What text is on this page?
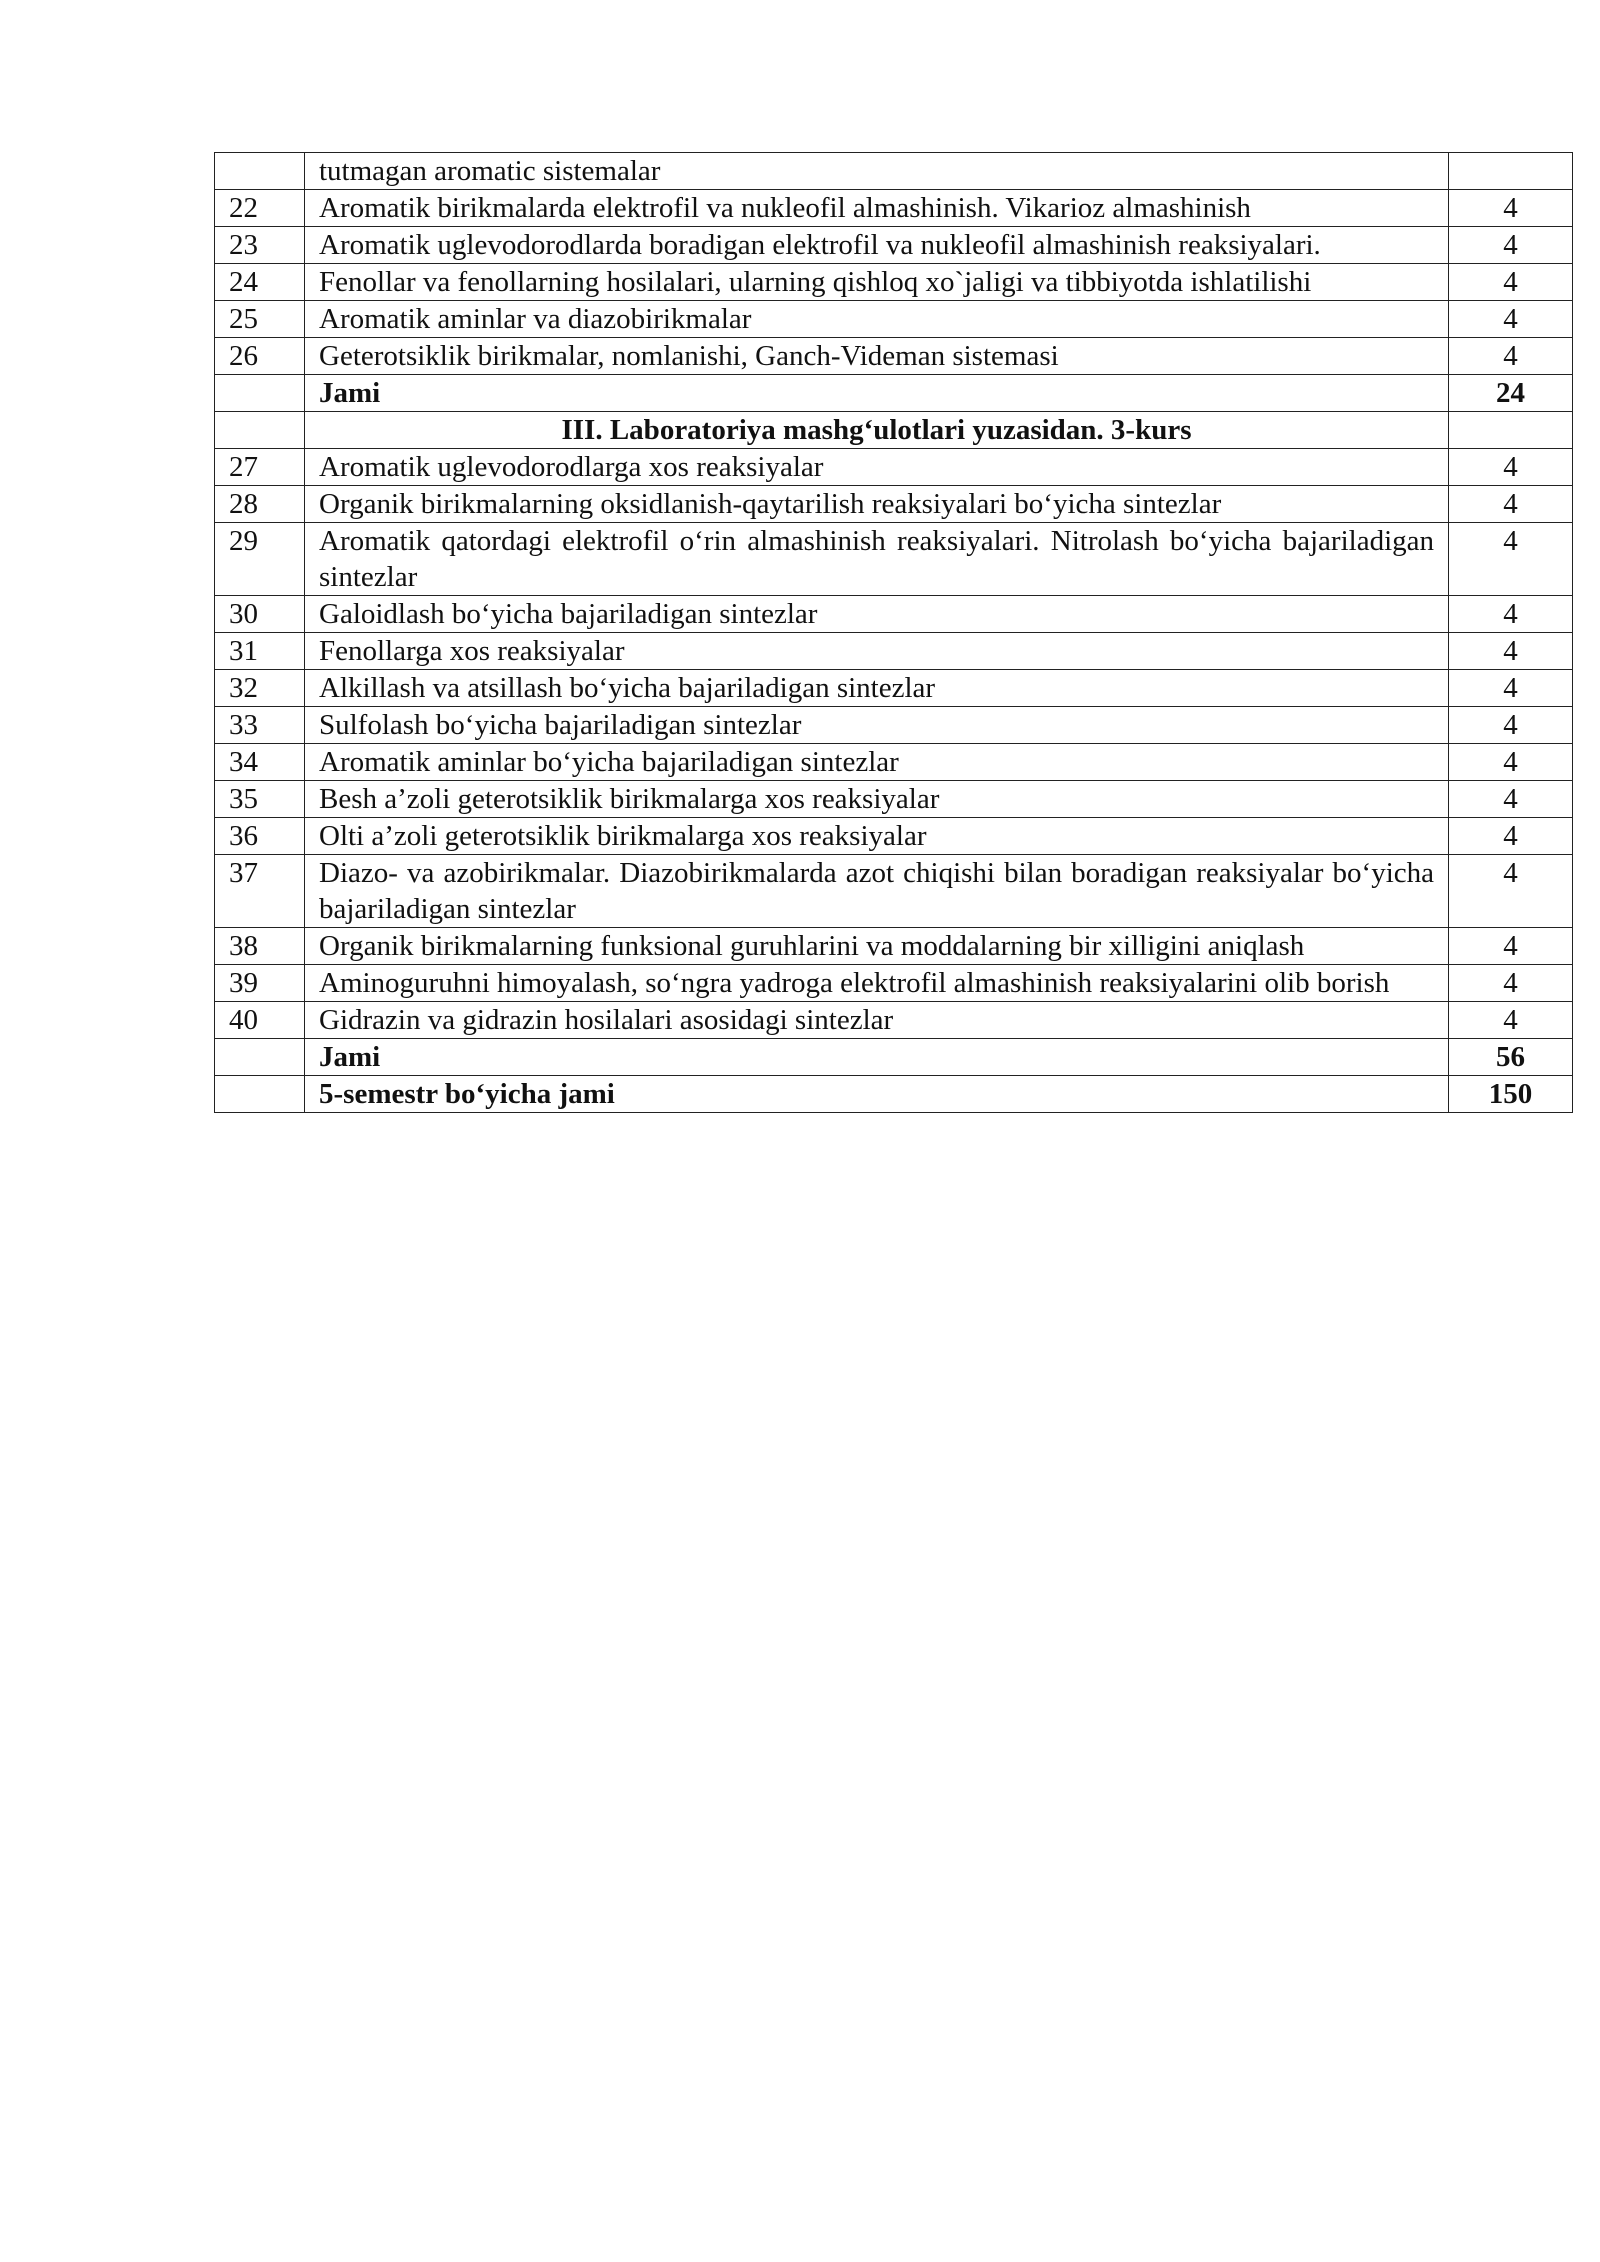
	tutmagan aromatic sistemalar	
22	Aromatik birikmalarda elektrofil va nukleofil almashinish. Vikarioz almashinish	4
23	Aromatik uglevodorodlarda boradigan elektrofil va nukleofil almashinish reaksiyalari.	4
24	Fenollar va fenollarning hosilalari, ularning qishloq xo`jaligi va tibbiyotda ishlatilishi	4
25	Aromatik aminlar va diazobirikmalar	4
26	Geterotsiklik birikmalar, nomlanishi, Ganch-Videman sistemasi	4
	Jami	24
	III. Laboratoriya mashg‘ulotlari yuzasidan. 3-kurs	
27	Aromatik uglevodorodlarga xos reaksiyalar	4
28	Organik birikmalarning oksidlanish-qaytarilish reaksiyalari bo‘yicha sintezlar	4
29	Aromatik qatordagi elektrofil o‘rin almashinish reaksiyalari. Nitrolash bo‘yicha bajariladigan sintezlar	4
30	Galoidlash bo‘yicha bajariladigan sintezlar	4
31	Fenollarga xos reaksiyalar	4
32	Alkillash va atsillash bo‘yicha bajariladigan sintezlar	4
33	Sulfolash bo‘yicha bajariladigan sintezlar	4
34	Aromatik aminlar bo‘yicha bajariladigan sintezlar	4
35	Besh a’zoli geterotsiklik birikmalarga xos reaksiyalar	4
36	Olti a’zoli geterotsiklik birikmalarga xos reaksiyalar	4
37	Diazo- va azobirikmalar. Diazobirikmalarda azot chiqishi bilan boradigan reaksiyalar bo‘yicha bajariladigan sintezlar	4
38	Organik birikmalarning funksional guruhlarini va moddalarning bir xilligini aniqlash	4
39	Aminoguruhni himoyalash, so‘ngra yadroga elektrofil almashinish reaksiyalarini olib borish	4
40	Gidrazin va gidrazin hosilalari asosidagi sintezlar	4
	Jami	56
	5-semestr bo‘yicha jami	150
